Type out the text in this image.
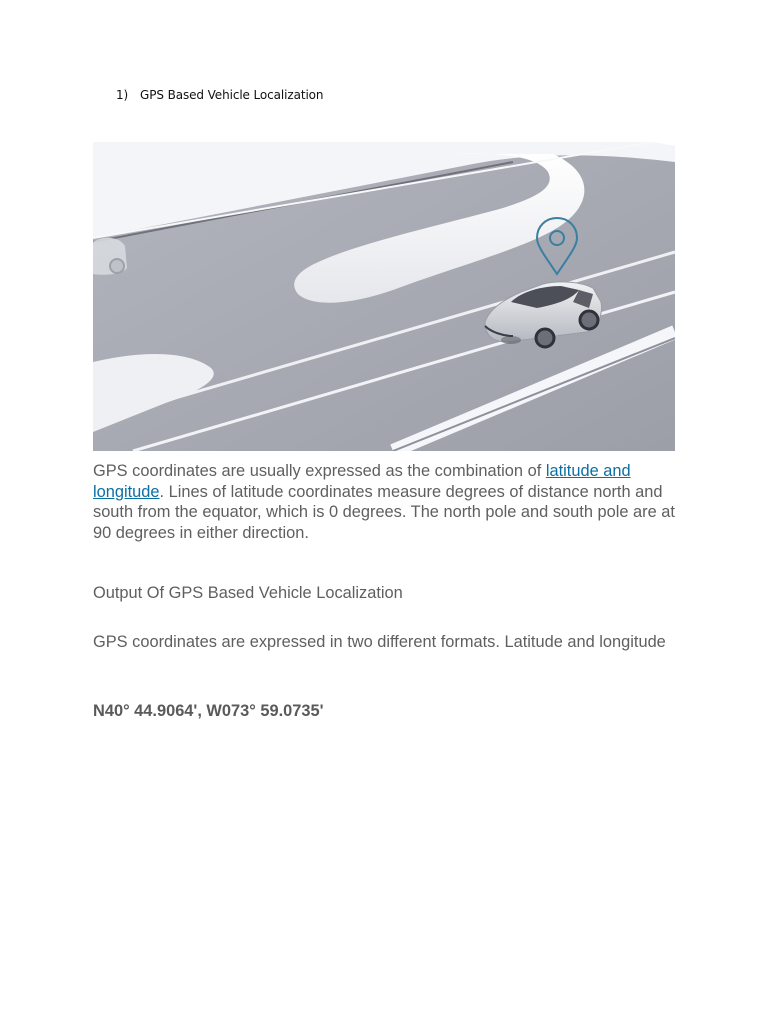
1) GPS Based Vehicle Localization

GPS coordinates are usually expressed as the combination of latitude and longitude. Lines of latitude coordinates measure degrees of distance north and south from the equator, which is 0 degrees. The north pole and south pole are at 90 degrees in either direction.

Output Of GPS Based Vehicle Localization

GPS coordinates are expressed in two different formats. Latitude and longitude

N40° 44.9064', W073° 59.0735'
